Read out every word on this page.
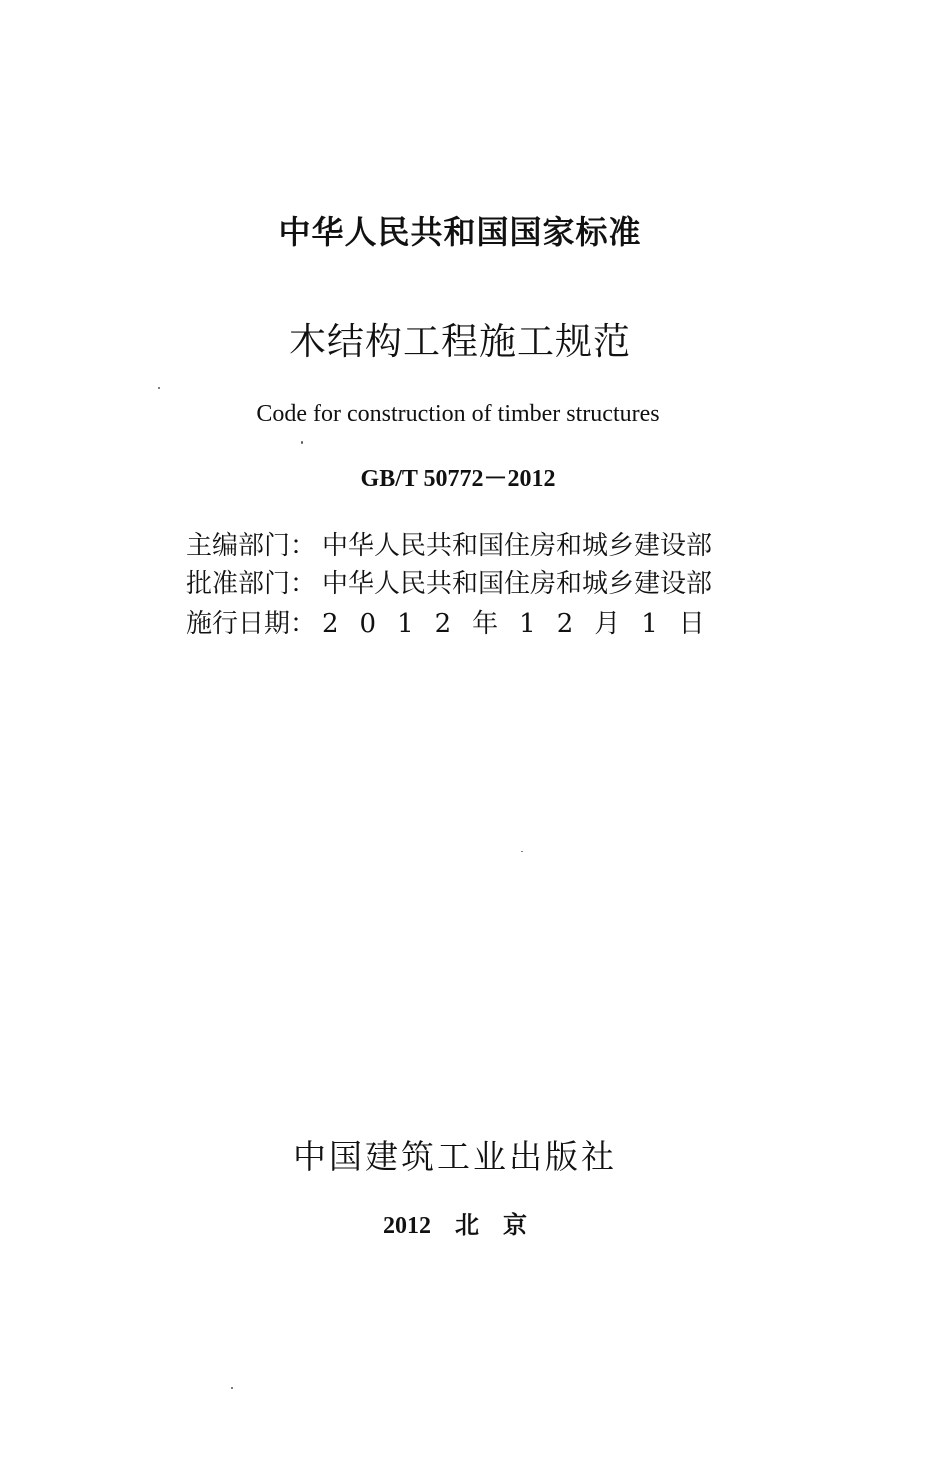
中华人民共和国国家标准
木结构工程施工规范
Code for construction of timber structures
GB/T 50772－2012
主编部门： 中华人民共和国住房和城乡建设部
批准部门： 中华人民共和国住房和城乡建设部
施行日期： 2012年12月1日
中国建筑工业出版社
2012　北　京
